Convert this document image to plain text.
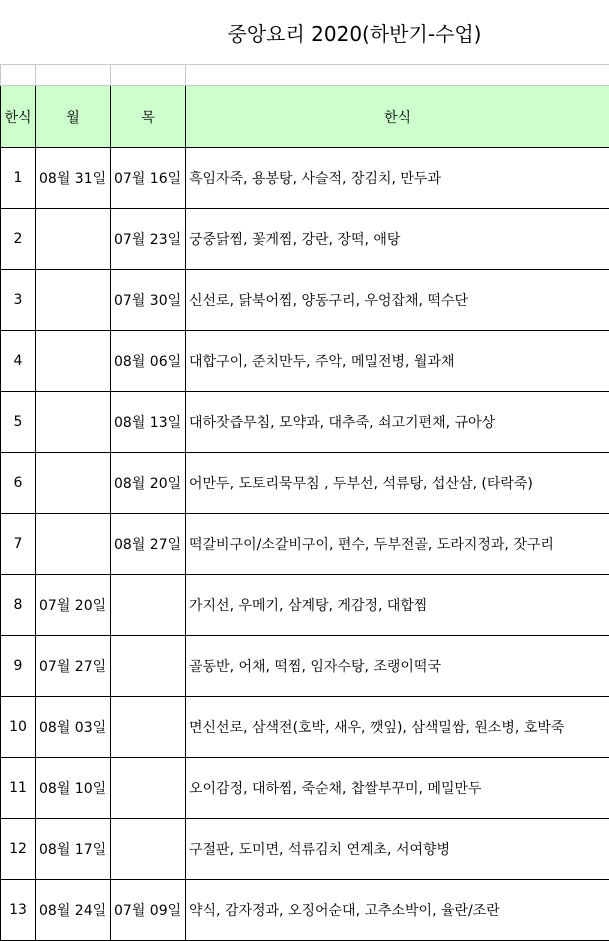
중앙요리 2020(하반기-수업)

한식	월	목	한식
1	08월 31일	07월 16일	흑임자죽, 용봉탕, 사슬적, 장김치, 만두과
2		07월 23일	궁중닭찜, 꽃게찜, 강란, 장떡, 애탕
3		07월 30일	신선로, 닭북어찜, 양동구리, 우엉잡채, 떡수단
4		08월 06일	대합구이, 준치만두, 주악, 메밀전병, 월과채
5		08월 13일	대하잣즙무침, 모약과, 대추죽, 쇠고기편채, 규아상
6		08월 20일	어만두, 도토리묵무침 , 두부선, 석류탕, 섭산삼, (타락죽)
7		08월 27일	떡갈비구이/소갈비구이, 편수, 두부전골, 도라지정과, 잣구리
8	07월 20일		가지선, 우메기, 삼계탕, 게감정, 대합찜
9	07월 27일		골동반, 어채, 떡찜, 임자수탕, 조랭이떡국
10	08월 03일		면신선로, 삼색전(호박, 새우, 깻잎), 삼색밀쌈, 원소병, 호박죽
11	08월 10일		오이감정, 대하찜, 죽순채, 찹쌀부꾸미, 메밀만두
12	08월 17일		구절판, 도미면, 석류김치 연계초, 서여향병
13	08월 24일	07월 09일	약식, 감자정과, 오징어순대, 고추소박이, 율란/조란
